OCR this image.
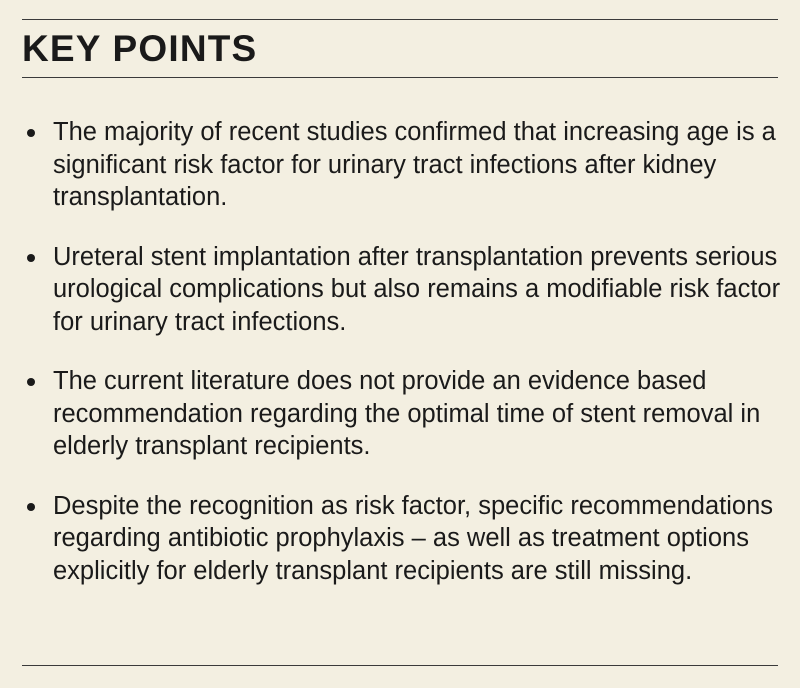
KEY POINTS
The majority of recent studies confirmed that increasing age is a significant risk factor for urinary tract infections after kidney transplantation.
Ureteral stent implantation after transplantation prevents serious urological complications but also remains a modifiable risk factor for urinary tract infections.
The current literature does not provide an evidence based recommendation regarding the optimal time of stent removal in elderly transplant recipients.
Despite the recognition as risk factor, specific recommendations regarding antibiotic prophylaxis – as well as treatment options explicitly for elderly transplant recipients are still missing.
